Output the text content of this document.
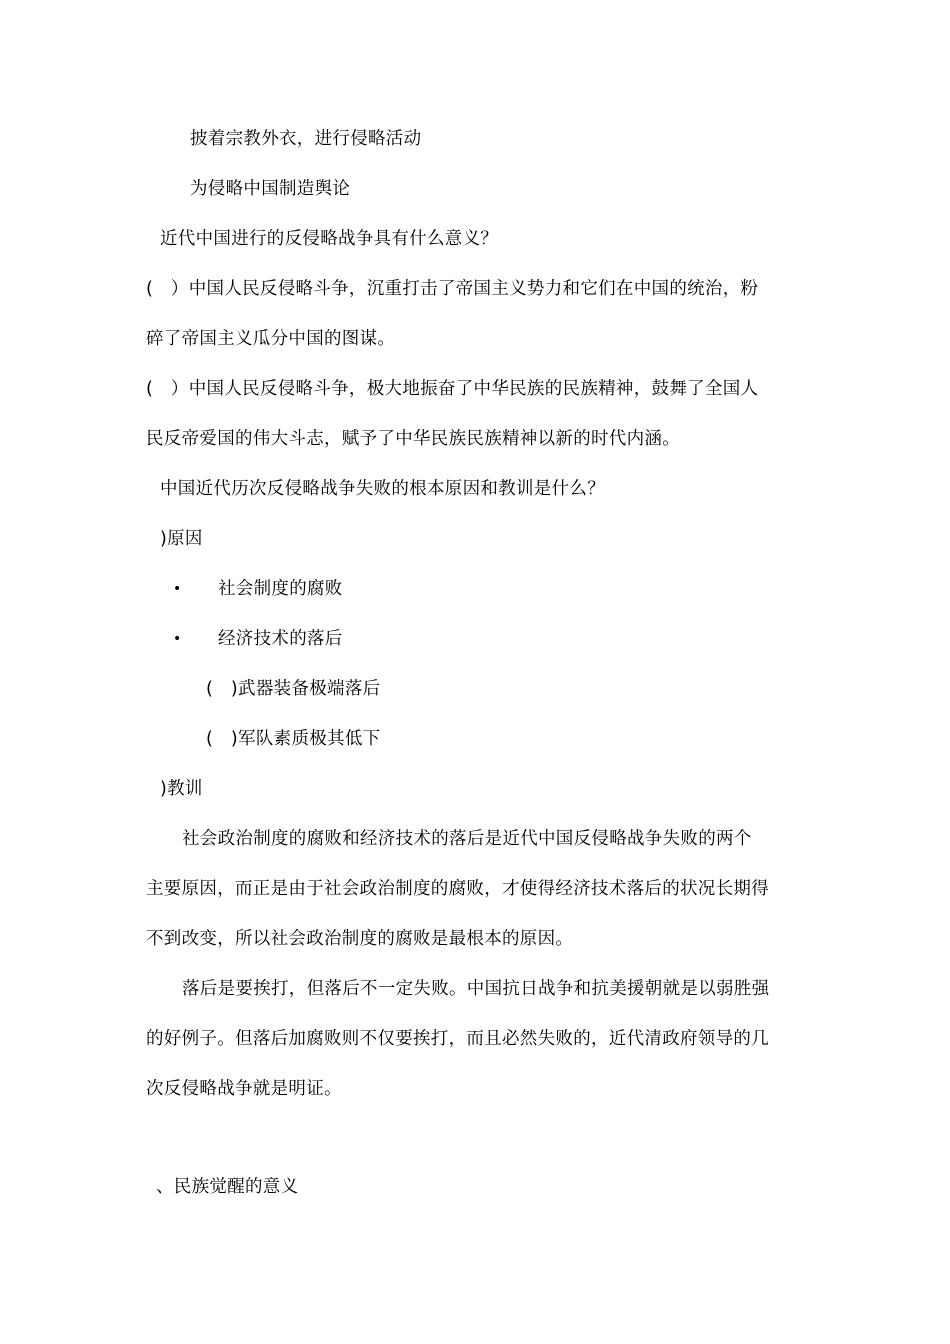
披着宗教外衣，进行侵略活动
为侵略中国制造舆论
近代中国进行的反侵略战争具有什么意义？
(　）中国人民反侵略斗争，沉重打击了帝国主义势力和它们在中国的统治，粉
碎了帝国主义瓜分中国的图谋。
(　）中国人民反侵略斗争，极大地振奋了中华民族的民族精神，鼓舞了全国人
民反帝爱国的伟大斗志，赋予了中华民族民族精神以新的时代内涵。
中国近代历次反侵略战争失败的根本原因和教训是什么？
)原因
• 社会制度的腐败
• 经济技术的落后
(　)武器装备极端落后
(　)军队素质极其低下
)教训
社会政治制度的腐败和经济技术的落后是近代中国反侵略战争失败的两个
主要原因，而正是由于社会政治制度的腐败，才使得经济技术落后的状况长期得
不到改变，所以社会政治制度的腐败是最根本的原因。
落后是要挨打，但落后不一定失败。中国抗日战争和抗美援朝就是以弱胜强
的好例子。但落后加腐败则不仅要挨打，而且必然失败的，近代清政府领导的几
次反侵略战争就是明证。
、民族觉醒的意义
